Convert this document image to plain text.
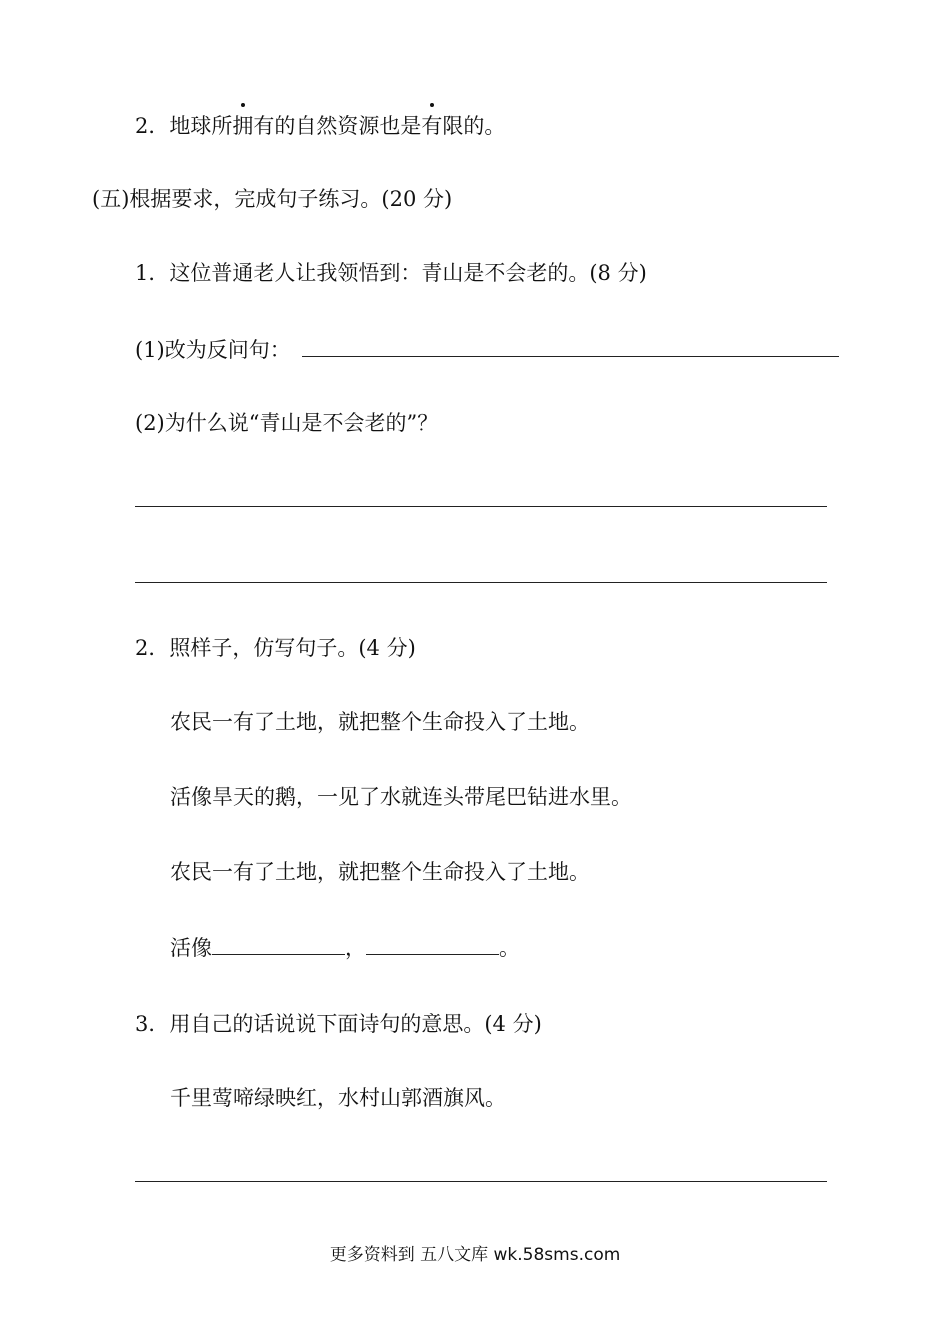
2．地球所拥有的自然资源也是有限的。
(五)根据要求，完成句子练习。(20 分)
1．这位普通老人让我领悟到：青山是不会老的。(8 分)
(1)改为反问句：
(2)为什么说“青山是不会老的”？
2．照样子，仿写句子。(4 分)
农民一有了土地，就把整个生命投入了土地。
活像旱天的鹅，一见了水就连头带尾巴钻进水里。
农民一有了土地，就把整个生命投入了土地。
活像	，	。
3．用自己的话说说下面诗句的意思。(4 分)
千里莺啼绿映红，水村山郭酒旗风。
更多资料到 五八文库 wk.58sms.com
